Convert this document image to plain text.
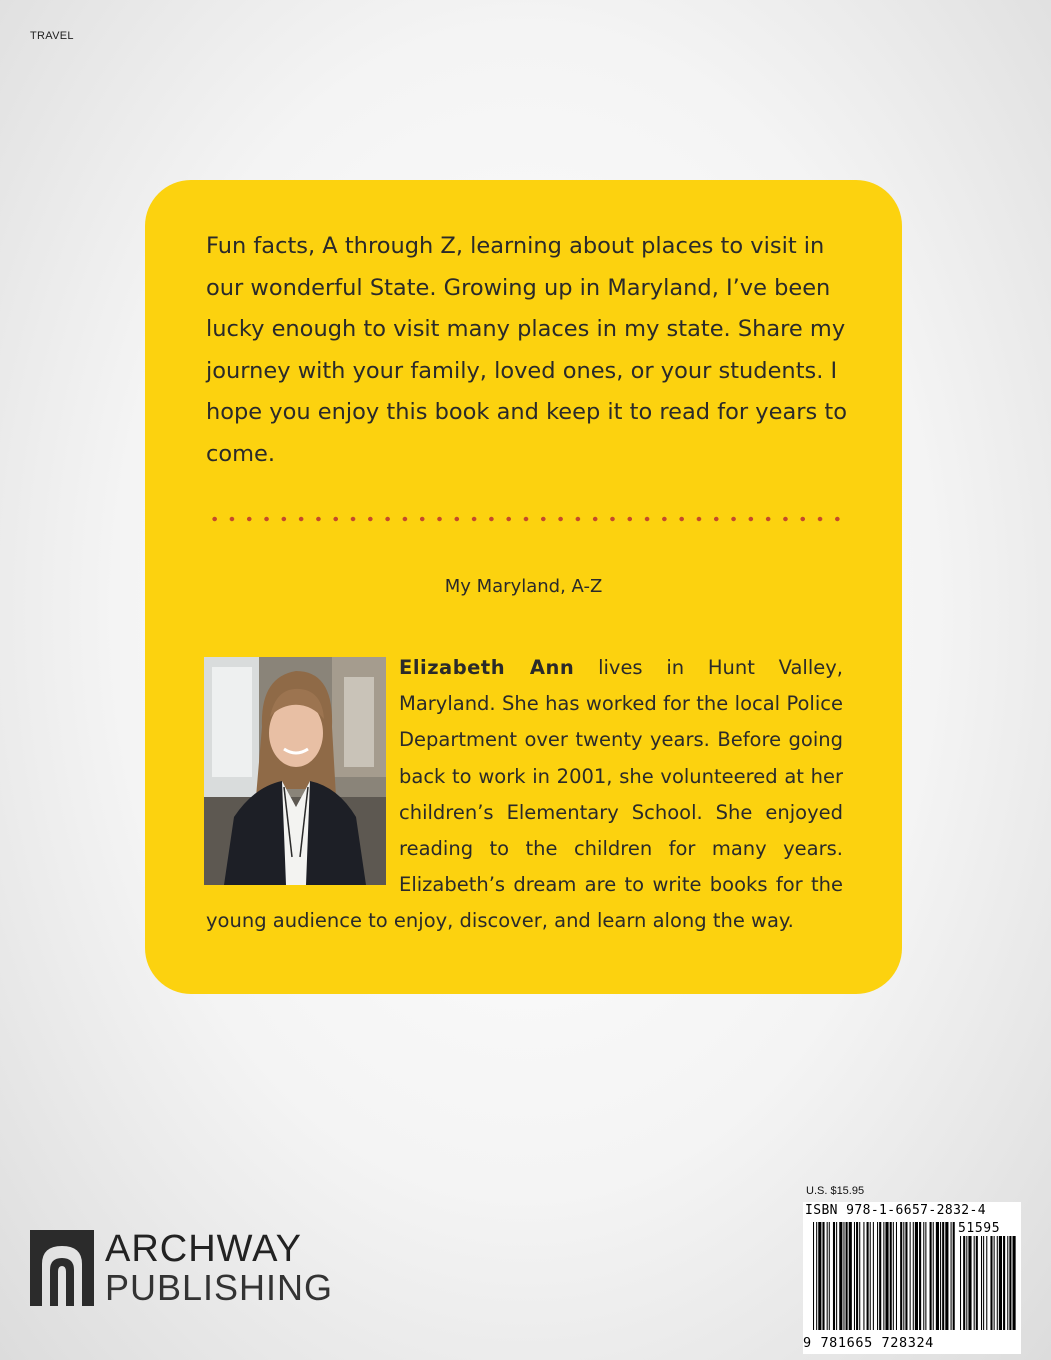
TRAVEL

Fun facts, A through Z, learning about places to visit in our wonderful State. Growing up in Maryland, I’ve been lucky enough to visit many places in my state. Share my journey with your family, loved ones, or your students. I hope you enjoy this book and keep it to read for years to come.

My Maryland, A-Z

Elizabeth Ann lives in Hunt Valley, Maryland. She has worked for the local Police Department over twenty years. Before going back to work in 2001, she volunteered at her children’s Elementary School. She enjoyed reading to the children for many years. Elizabeth’s dream are to write books for the young audience to enjoy, discover, and learn along the way.

ARCHWAY
PUBLISHING
U.S. $15.95
ISBN 978-1-6657-2832-4
51595
9 781665 728324
